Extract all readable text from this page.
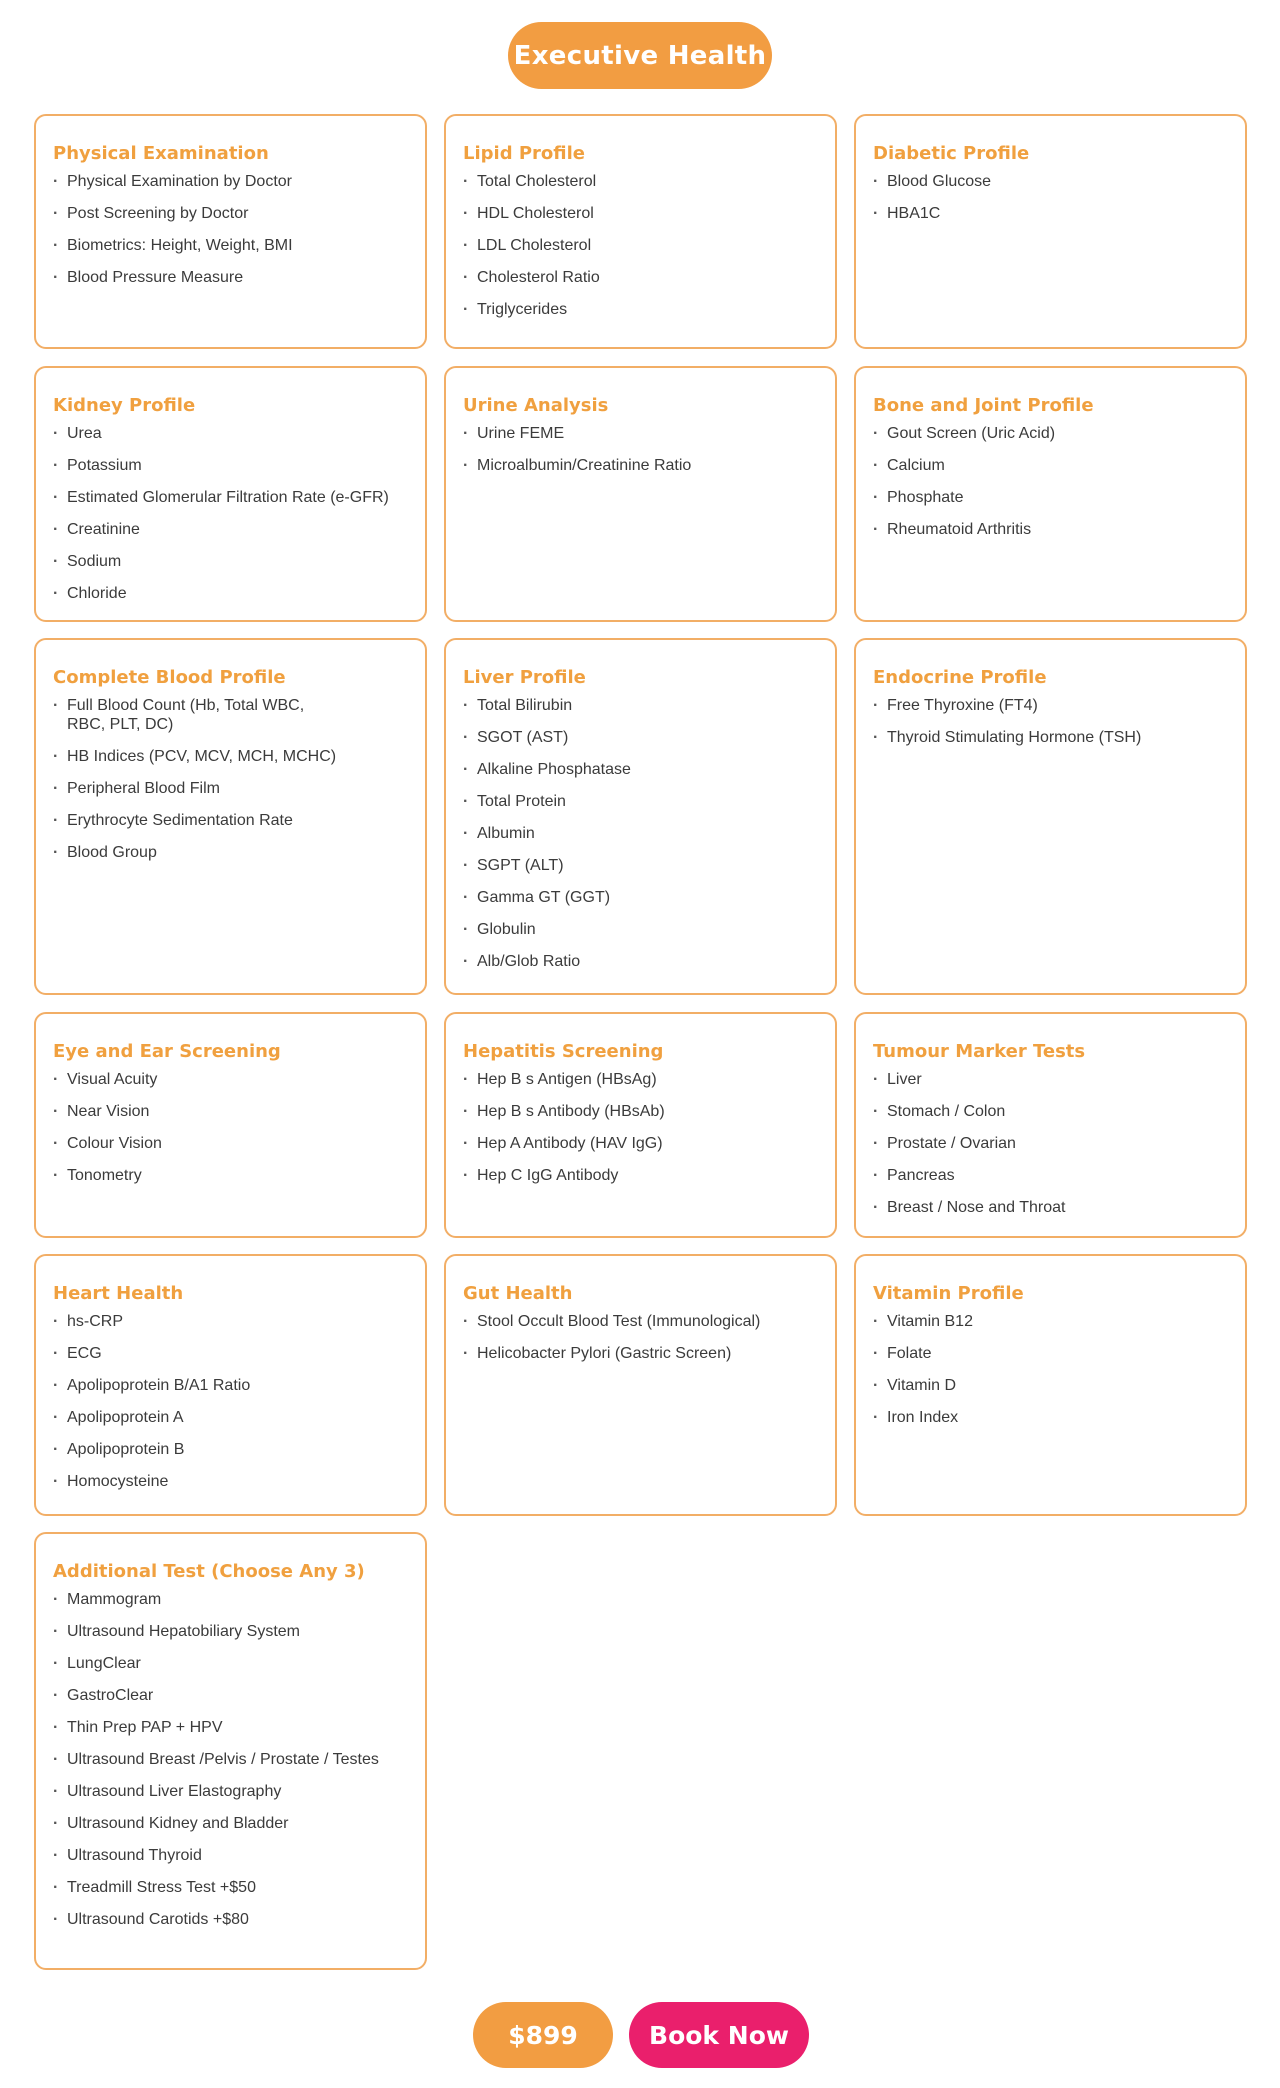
Executive Health
Physical Examination
· Physical Examination by Doctor
· Post Screening by Doctor
· Biometrics: Height, Weight, BMI
· Blood Pressure Measure
Lipid Profile
· Total Cholesterol
· HDL Cholesterol
· LDL Cholesterol
· Cholesterol Ratio
· Triglycerides
Diabetic Profile
· Blood Glucose
· HBA1C
Kidney Profile
· Urea
· Potassium
· Estimated Glomerular Filtration Rate (e-GFR)
· Creatinine
· Sodium
· Chloride
Urine Analysis
· Urine FEME
· Microalbumin/Creatinine Ratio
Bone and Joint Profile
· Gout Screen (Uric Acid)
· Calcium
· Phosphate
· Rheumatoid Arthritis
Complete Blood Profile
· Full Blood Count (Hb, Total WBC, RBC, PLT, DC)
· HB Indices (PCV, MCV, MCH, MCHC)
· Peripheral Blood Film
· Erythrocyte Sedimentation Rate
· Blood Group
Liver Profile
· Total Bilirubin
· SGOT (AST)
· Alkaline Phosphatase
· Total Protein
· Albumin
· SGPT (ALT)
· Gamma GT (GGT)
· Globulin
· Alb/Glob Ratio
Endocrine Profile
· Free Thyroxine (FT4)
· Thyroid Stimulating Hormone (TSH)
Eye and Ear Screening
· Visual Acuity
· Near Vision
· Colour Vision
· Tonometry
Hepatitis Screening
· Hep B s Antigen (HBsAg)
· Hep B s Antibody (HBsAb)
· Hep A Antibody (HAV IgG)
· Hep C IgG Antibody
Tumour Marker Tests
· Liver
· Stomach / Colon
· Prostate / Ovarian
· Pancreas
· Breast / Nose and Throat
Heart Health
· hs-CRP
· ECG
· Apolipoprotein B/A1 Ratio
· Apolipoprotein A
· Apolipoprotein B
· Homocysteine
Gut Health
· Stool Occult Blood Test (Immunological)
· Helicobacter Pylori (Gastric Screen)
Vitamin Profile
· Vitamin B12
· Folate
· Vitamin D
· Iron Index
Additional Test (Choose Any 3)
· Mammogram
· Ultrasound Hepatobiliary System
· LungClear
· GastroClear
· Thin Prep PAP + HPV
· Ultrasound Breast /Pelvis / Prostate / Testes
· Ultrasound Liver Elastography
· Ultrasound Kidney and Bladder
· Ultrasound Thyroid
· Treadmill Stress Test +$50
· Ultrasound Carotids +$80
$899	Book Now
